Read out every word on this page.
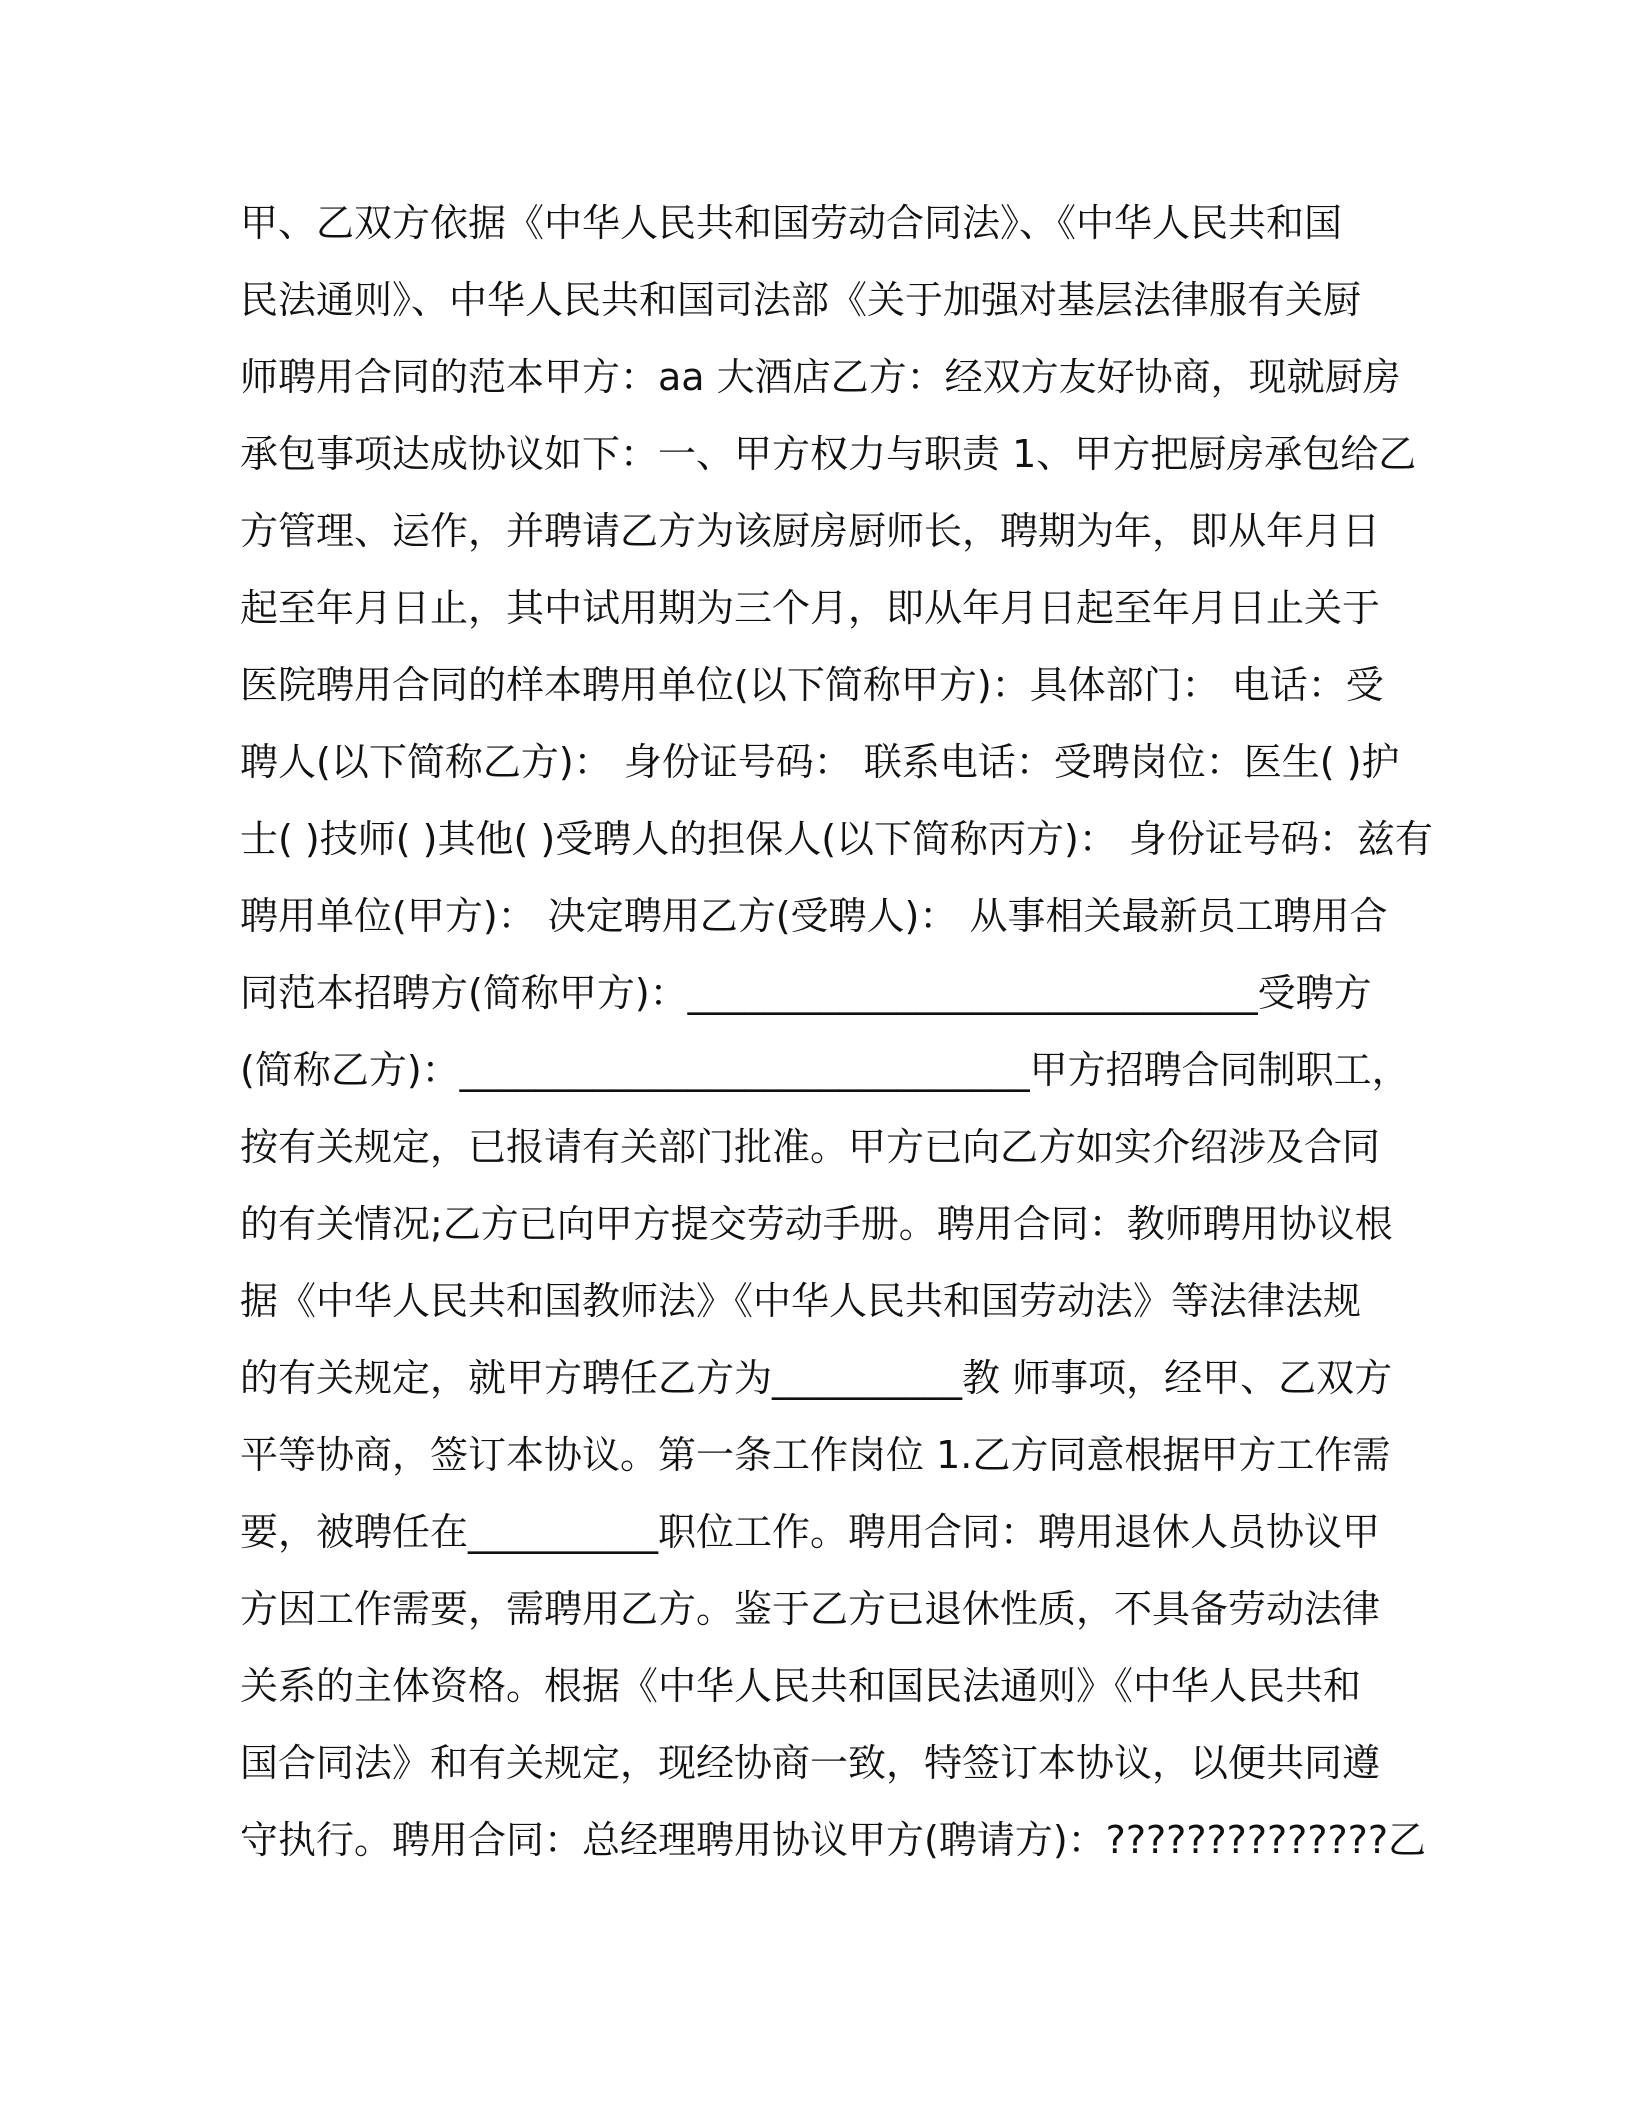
甲、乙双方依据《中华人民共和国劳动合同法》、《中华人民共和国
民法通则》、中华人民共和国司法部《关于加强对基层法律服有关厨
师聘用合同的范本甲方：aa 大酒店乙方：经双方友好协商，现就厨房
承包事项达成协议如下：一、甲方权力与职责 1、甲方把厨房承包给乙
方管理、运作，并聘请乙方为该厨房厨师长，聘期为年，即从年月日
起至年月日止，其中试用期为三个月，即从年月日起至年月日止关于
医院聘用合同的样本聘用单位(以下简称甲方)：具体部门： 电话：受
聘人(以下简称乙方)： 身份证号码： 联系电话：受聘岗位：医生( )护
士( )技师( )其他( )受聘人的担保人(以下简称丙方)： 身份证号码：兹有
聘用单位(甲方)： 决定聘用乙方(受聘人)： 从事相关最新员工聘用合
同范本招聘方(简称甲方)：______________________________受聘方
(简称乙方)：______________________________甲方招聘合同制职工，
按有关规定，已报请有关部门批准。甲方已向乙方如实介绍涉及合同
的有关情况;乙方已向甲方提交劳动手册。聘用合同：教师聘用协议根
据《中华人民共和国教师法》《中华人民共和国劳动法》等法律法规
的有关规定，就甲方聘任乙方为__________教 师事项，经甲、乙双方
平等协商，签订本协议。第一条工作岗位 1.乙方同意根据甲方工作需
要，被聘任在__________职位工作。聘用合同：聘用退休人员协议甲
方因工作需要，需聘用乙方。鉴于乙方已退休性质，不具备劳动法律
关系的主体资格。根据《中华人民共和国民法通则》《中华人民共和
国合同法》和有关规定，现经协商一致，特签订本协议，以便共同遵
守执行。聘用合同：总经理聘用协议甲方(聘请方)：??????????????乙
